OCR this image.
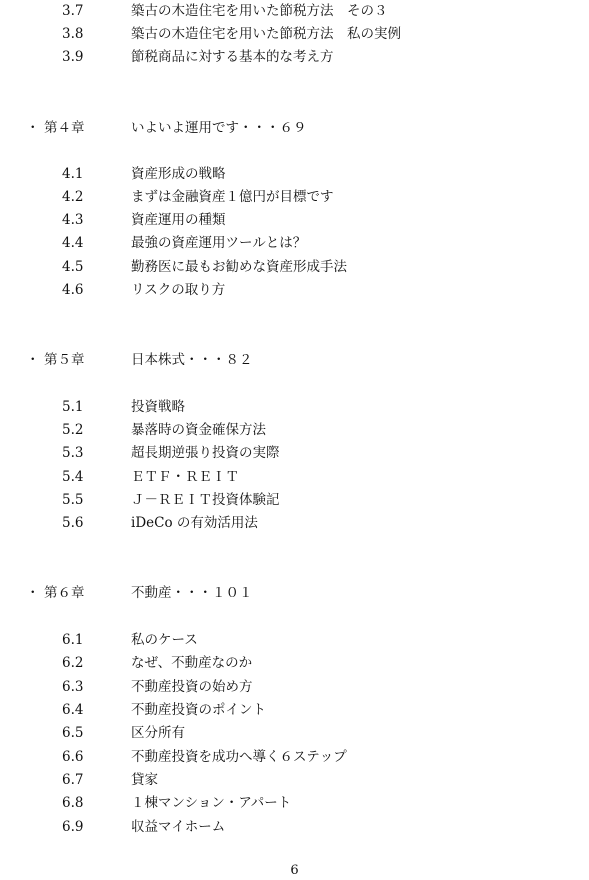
3.7	築古の木造住宅を用いた節税方法　その３
3.8	築古の木造住宅を用いた節税方法　私の実例
3.9	節税商品に対する基本的な考え方
・ 第４章	いよいよ運用です・・・６９
4.1	資産形成の戦略
4.2	まずは金融資産１億円が目標です
4.3	資産運用の種類
4.4	最強の資産運用ツールとは？
4.5	勤務医に最もお勧めな資産形成手法
4.6	リスクの取り方
・ 第５章	日本株式・・・８２
5.1	投資戦略
5.2	暴落時の資金確保方法
5.3	超長期逆張り投資の実際
5.4	ＥＴＦ・ＲＥＩＴ
5.5	Ｊ－ＲＥＩＴ投資体験記
5.6	iDeCo の有効活用法
・ 第６章	不動産・・・１０１
6.1	私のケース
6.2	なぜ、不動産なのか
6.3	不動産投資の始め方
6.4	不動産投資のポイント
6.5	区分所有
6.6	不動産投資を成功へ導く６ステップ
6.7	貸家
6.8	１棟マンション・アパート
6.9	収益マイホーム
6
